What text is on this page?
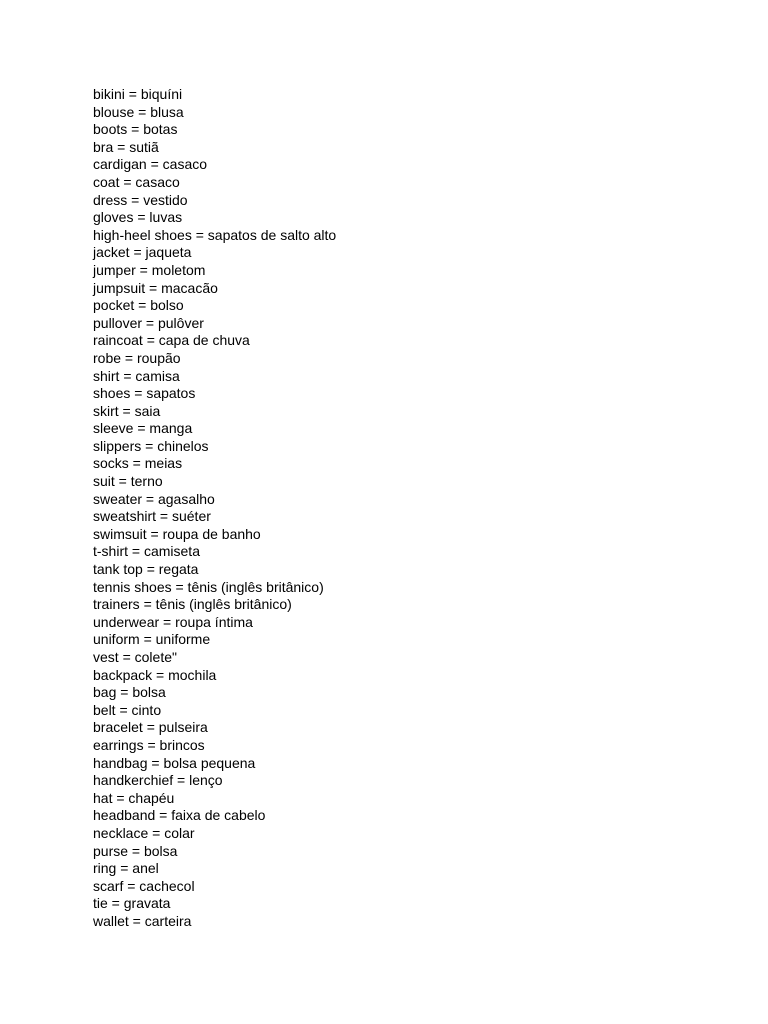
bikini = biquíni
blouse = blusa
boots = botas
bra = sutiã
cardigan = casaco
coat = casaco
dress = vestido
gloves = luvas
high-heel shoes = sapatos de salto alto
jacket = jaqueta
jumper = moletom
jumpsuit = macacão
pocket = bolso
pullover = pulôver
raincoat = capa de chuva
robe = roupão
shirt = camisa
shoes = sapatos
skirt = saia
sleeve = manga
slippers = chinelos
socks = meias
suit = terno
sweater = agasalho
sweatshirt = suéter
swimsuit = roupa de banho
t-shirt = camiseta
tank top = regata
tennis shoes = tênis (inglês britânico)
trainers = tênis (inglês britânico)
underwear = roupa íntima
uniform = uniforme
vest = colete"
backpack = mochila
bag = bolsa
belt = cinto
bracelet = pulseira
earrings = brincos
handbag = bolsa pequena
handkerchief = lenço
hat = chapéu
headband = faixa de cabelo
necklace = colar
purse = bolsa
ring = anel
scarf = cachecol
tie = gravata
wallet = carteira
